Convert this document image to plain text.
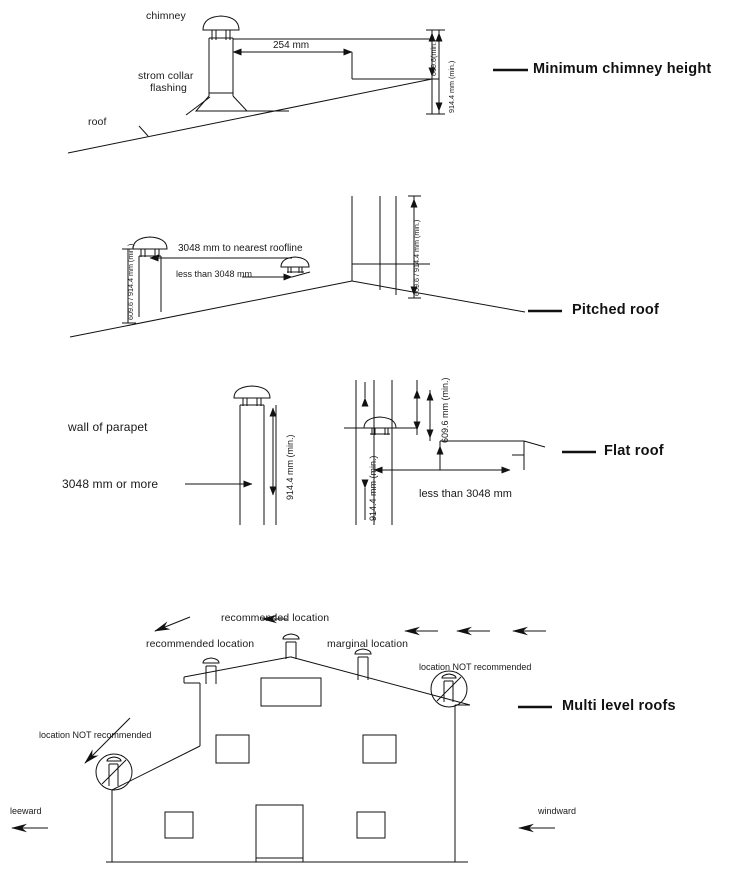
chimney
strom collar
flashing
roof
254 mm	609.6(min.)
914.4 mm (min.)	Minimum chimney height
609.6 / 914.4 mm (min.)	3048 mm to nearest roofline
less than 3048 mm	609.6 / 914.4 mm (min.)
Pitched roof
wall of parapet
3048 mm or more	914.4 mm (min.)	914.4 mm (min.)
609.6 mm (min.)
less than 3048 mm
Flat roof
recommended location
recommended location	marginal location
location NOT recommended
location NOT recommended
leeward	windward
Multi level roofs
